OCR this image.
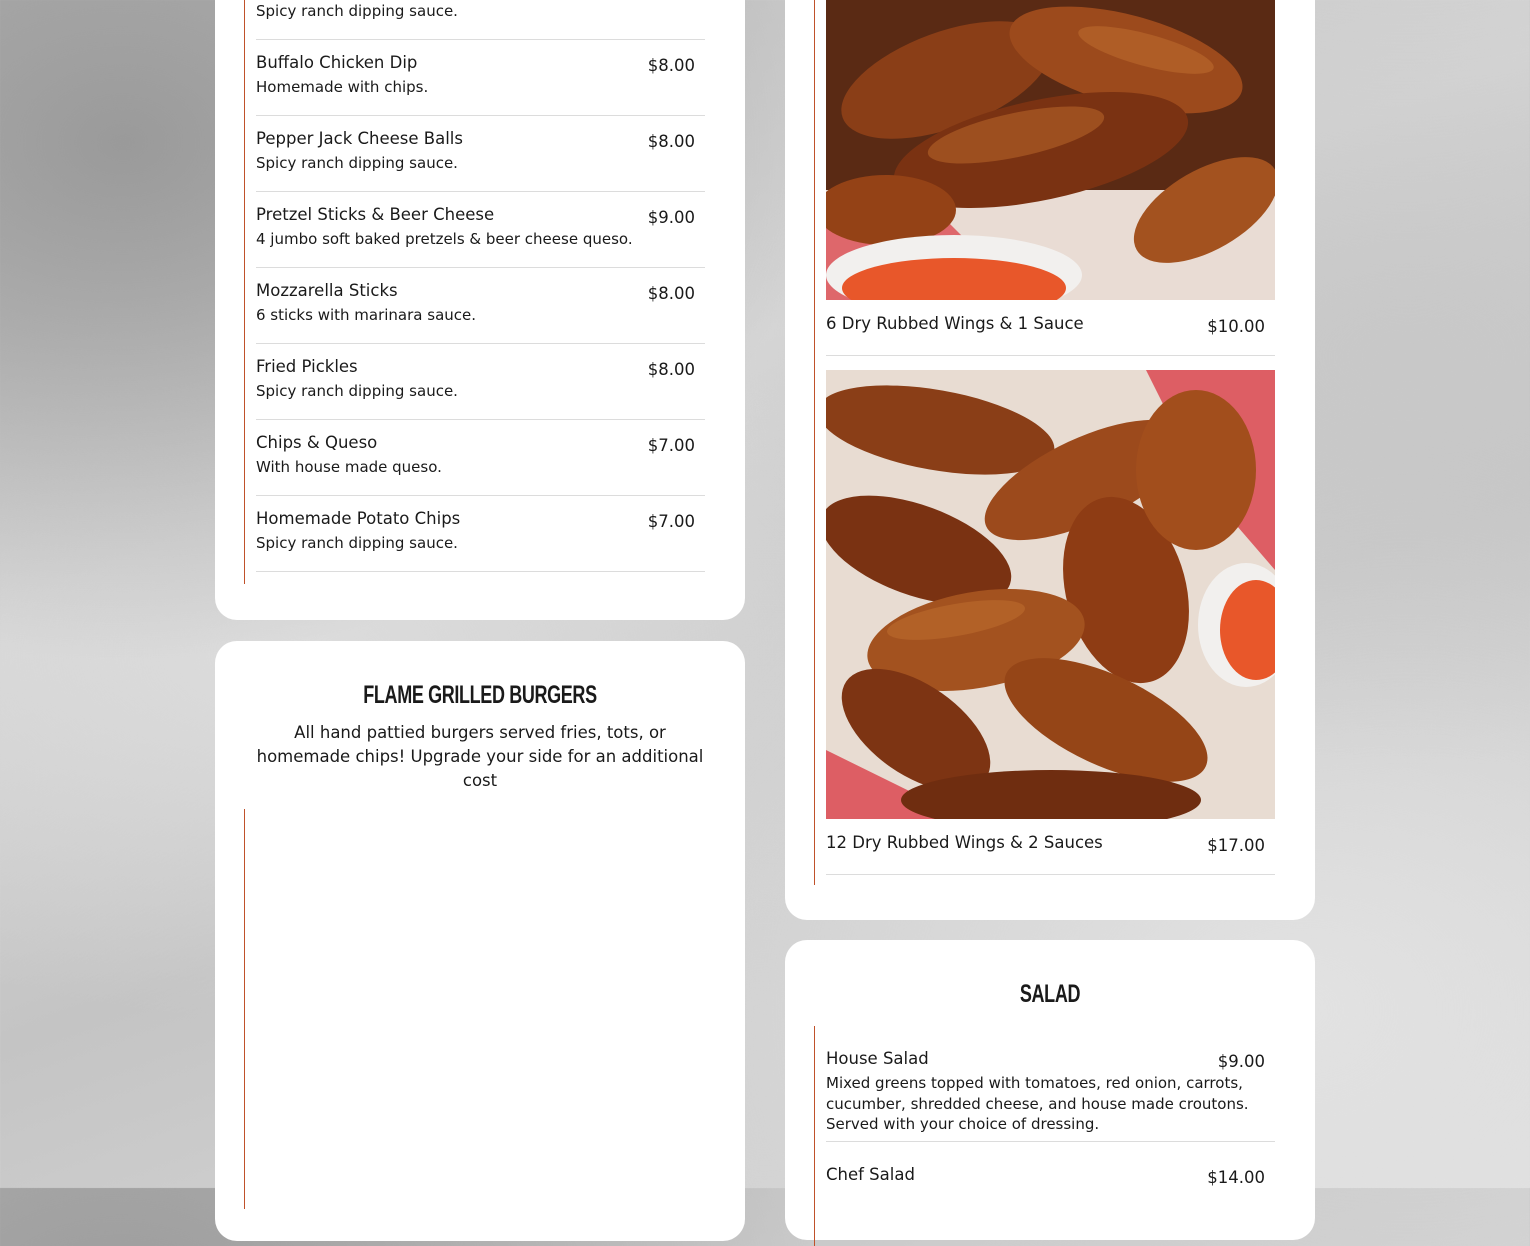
Spicy ranch dipping sauce.
Buffalo Chicken Dip
Homemade with chips.
$8.00
Pepper Jack Cheese Balls
Spicy ranch dipping sauce.
$8.00
Pretzel Sticks & Beer Cheese
4 jumbo soft baked pretzels & beer cheese queso.
$9.00
Mozzarella Sticks
6 sticks with marinara sauce.
$8.00
Fried Pickles
Spicy ranch dipping sauce.
$8.00
Chips & Queso
With house made queso.
$7.00
Homemade Potato Chips
Spicy ranch dipping sauce.
$7.00
FLAME GRILLED BURGERS
All hand pattied burgers served fries, tots, or homemade chips! Upgrade your side for an additional cost
6 Dry Rubbed Wings & 1 Sauce	$10.00
12 Dry Rubbed Wings & 2 Sauces	$17.00
SALAD
House Salad
Mixed greens topped with tomatoes, red onion, carrots, cucumber, shredded cheese, and house made croutons. Served with your choice of dressing.
$9.00
Chef Salad	$14.00
